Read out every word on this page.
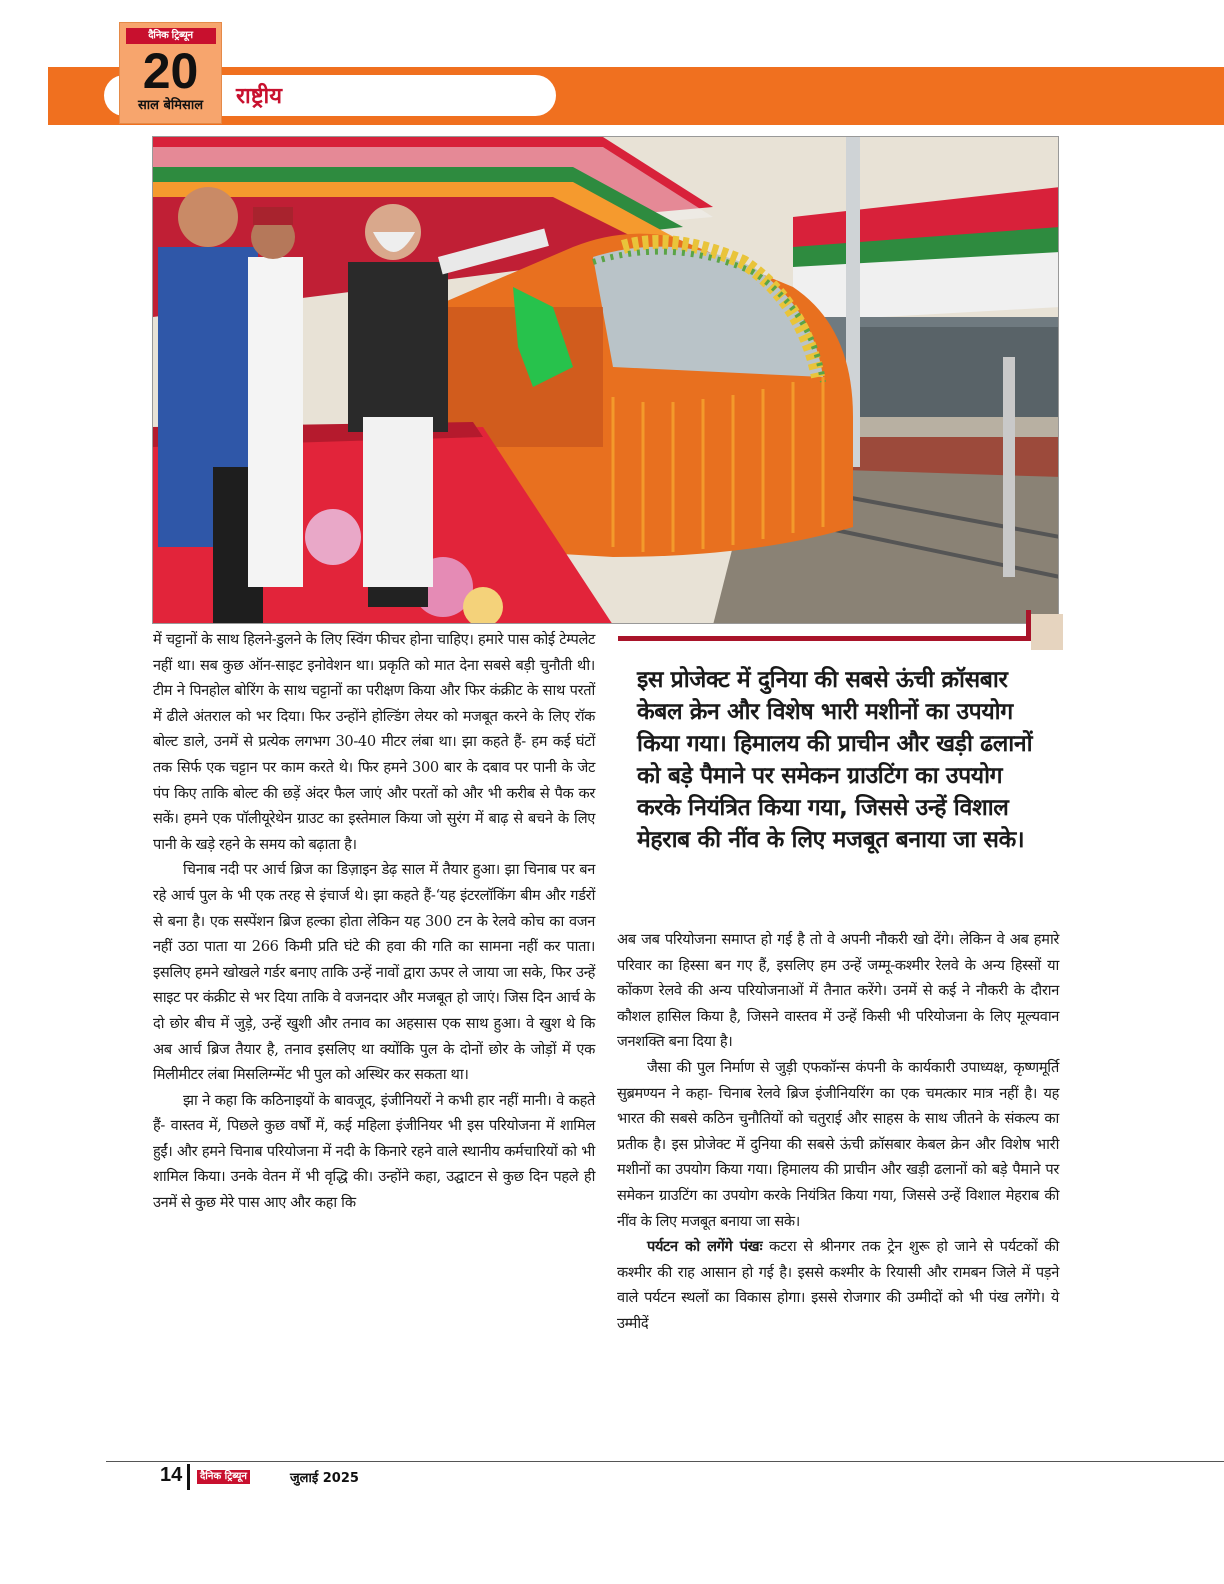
राष्ट्रीय
दैनिक ट्रिब्यून
20
साल बेमिसाल
इस प्रोजेक्ट में दुनिया की सबसे ऊंची क्रॉसबार केबल क्रेन और विशेष भारी मशीनों का उपयोग किया गया। हिमालय की प्राचीन और खड़ी ढलानों को बड़े पैमाने पर समेकन ग्राउटिंग का उपयोग करके नियंत्रित किया गया, जिससे उन्हें विशाल मेहराब की नींव के लिए मजबूत बनाया जा सके।

में चट्टानों के साथ हिलने-डुलने के लिए स्विंग फीचर होना चाहिए। हमारे पास कोई टेम्पलेट नहीं था। सब कुछ ऑन-साइट इनोवेशन था। प्रकृति को मात देना सबसे बड़ी चुनौती थी। टीम ने पिनहोल बोरिंग के साथ चट्टानों का परीक्षण किया और फिर कंक्रीट के साथ परतों में ढीले अंतराल को भर दिया। फिर उन्होंने होल्डिंग लेयर को मजबूत करने के लिए रॉक बोल्ट डाले, उनमें से प्रत्येक लगभग 30-40 मीटर लंबा था। झा कहते हैं- हम कई घंटों तक सिर्फ एक चट्टान पर काम करते थे। फिर हमने 300 बार के दबाव पर पानी के जेट पंप किए ताकि बोल्ट की छड़ें अंदर फैल जाएं और परतों को और भी करीब से पैक कर सकें। हमने एक पॉलीयूरेथेन ग्राउट का इस्तेमाल किया जो सुरंग में बाढ़ से बचने के लिए पानी के खड़े रहने के समय को बढ़ाता है।

चिनाब नदी पर आर्च ब्रिज का डिज़ाइन डेढ़ साल में तैयार हुआ। झा चिनाब पर बन रहे आर्च पुल के भी एक तरह से इंचार्ज थे। झा कहते हैं-‘यह इंटरलॉकिंग बीम और गर्डरों से बना है। एक सस्पेंशन ब्रिज हल्का होता लेकिन यह 300 टन के रेलवे कोच का वजन नहीं उठा पाता या 266 किमी प्रति घंटे की हवा की गति का सामना नहीं कर पाता। इसलिए हमने खोखले गर्डर बनाए ताकि उन्हें नावों द्वारा ऊपर ले जाया जा सके, फिर उन्हें साइट पर कंक्रीट से भर दिया ताकि वे वजनदार और मजबूत हो जाएं। जिस दिन आर्च के दो छोर बीच में जुड़े, उन्हें खुशी और तनाव का अहसास एक साथ हुआ। वे खुश थे कि अब आर्च ब्रिज तैयार है, तनाव इसलिए था क्योंकि पुल के दोनों छोर के जोड़ों में एक मिलीमीटर लंबा मिसलिग्न्मेंट भी पुल को अस्थिर कर सकता था।

झा ने कहा कि कठिनाइयों के बावजूद, इंजीनियरों ने कभी हार नहीं मानी। वे कहते हैं- वास्तव में, पिछले कुछ वर्षों में, कई महिला इंजीनियर भी इस परियोजना में शामिल हुईं। और हमने चिनाब परियोजना में नदी के किनारे रहने वाले स्थानीय कर्मचारियों को भी शामिल किया। उनके वेतन में भी वृद्धि की। उन्होंने कहा, उद्घाटन से कुछ दिन पहले ही उनमें से कुछ मेरे पास आए और कहा कि

अब जब परियोजना समाप्त हो गई है तो वे अपनी नौकरी खो देंगे। लेकिन वे अब हमारे परिवार का हिस्सा बन गए हैं, इसलिए हम उन्हें जम्मू-कश्मीर रेलवे के अन्य हिस्सों या कोंकण रेलवे की अन्य परियोजनाओं में तैनात करेंगे। उनमें से कई ने नौकरी के दौरान कौशल हासिल किया है, जिसने वास्तव में उन्हें किसी भी परियोजना के लिए मूल्यवान जनशक्ति बना दिया है।

जैसा की पुल निर्माण से जुड़ी एफकॉन्स कंपनी के कार्यकारी उपाध्यक्ष, कृष्णमूर्ति सुब्रमण्यन ने कहा- चिनाब रेलवे ब्रिज इंजीनियरिंग का एक चमत्कार मात्र नहीं है। यह भारत की सबसे कठिन चुनौतियों को चतुराई और साहस के साथ जीतने के संकल्प का प्रतीक है। इस प्रोजेक्ट में दुनिया की सबसे ऊंची क्रॉसबार केबल क्रेन और विशेष भारी मशीनों का उपयोग किया गया। हिमालय की प्राचीन और खड़ी ढलानों को बड़े पैमाने पर समेकन ग्राउटिंग का उपयोग करके नियंत्रित किया गया, जिससे उन्हें विशाल मेहराब की नींव के लिए मजबूत बनाया जा सके।

पर्यटन को लगेंगे पंखः कटरा से श्रीनगर तक ट्रेन शुरू हो जाने से पर्यटकों की कश्मीर की राह आसान हो गई है। इससे कश्मीर के रियासी और रामबन जिले में पड़ने वाले पर्यटन स्थलों का विकास होगा। इससे रोजगार की उम्मीदों को भी पंख लगेंगे। ये उम्मीदें

14	दैनिक ट्रिब्यून	जुलाई 2025
